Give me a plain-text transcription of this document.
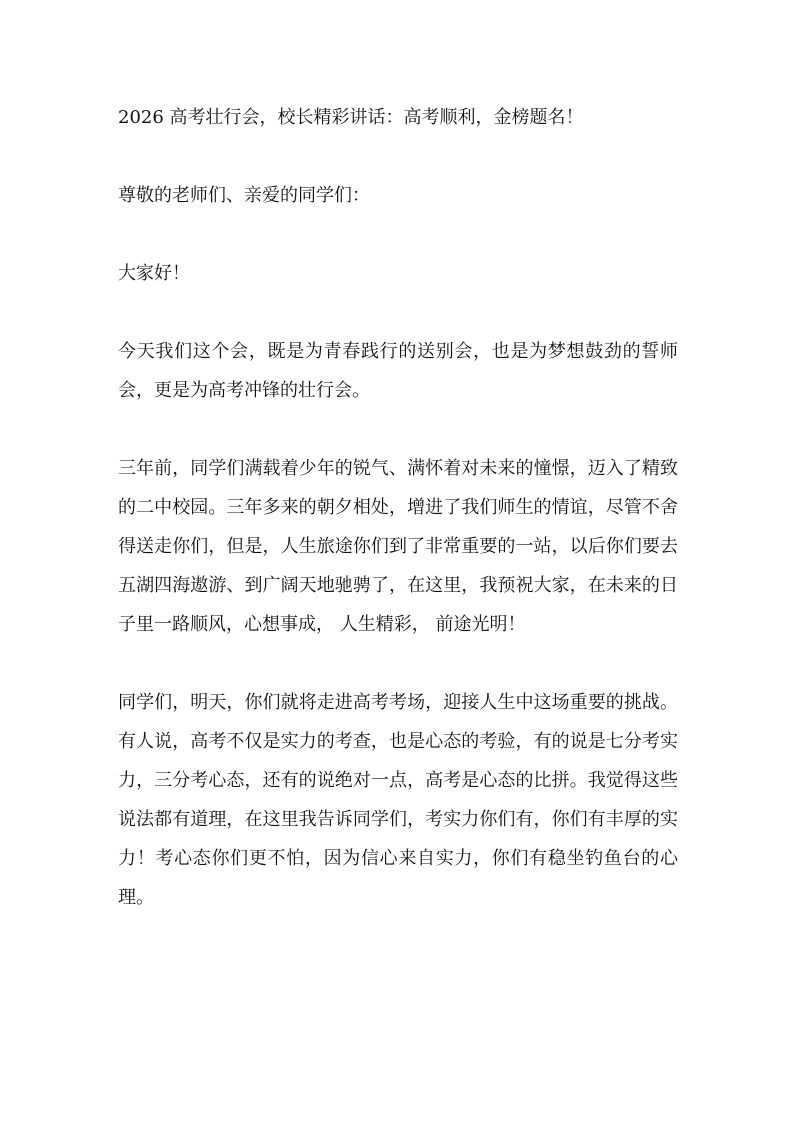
2026 高考壮行会，校长精彩讲话：高考顺利，金榜题名！

尊敬的老师们、亲爱的同学们：

大家好！

今天我们这个会，既是为青春践行的送别会，也是为梦想鼓劲的誓师会，更是为高考冲锋的壮行会。

三年前，同学们满载着少年的锐气、满怀着对未来的憧憬，迈入了精致的二中校园。三年多来的朝夕相处，增进了我们师生的情谊，尽管不舍得送走你们，但是，人生旅途你们到了非常重要的一站，以后你们要去五湖四海遨游、到广阔天地驰骋了，在这里，我预祝大家，在未来的日子里一路顺风，心想事成， 人生精彩， 前途光明！

同学们，明天，你们就将走进高考考场，迎接人生中这场重要的挑战。有人说，高考不仅是实力的考查，也是心态的考验，有的说是七分考实力，三分考心态，还有的说绝对一点，高考是心态的比拼。我觉得这些说法都有道理，在这里我告诉同学们，考实力你们有，你们有丰厚的实力！考心态你们更不怕，因为信心来自实力，你们有稳坐钓鱼台的心理。
